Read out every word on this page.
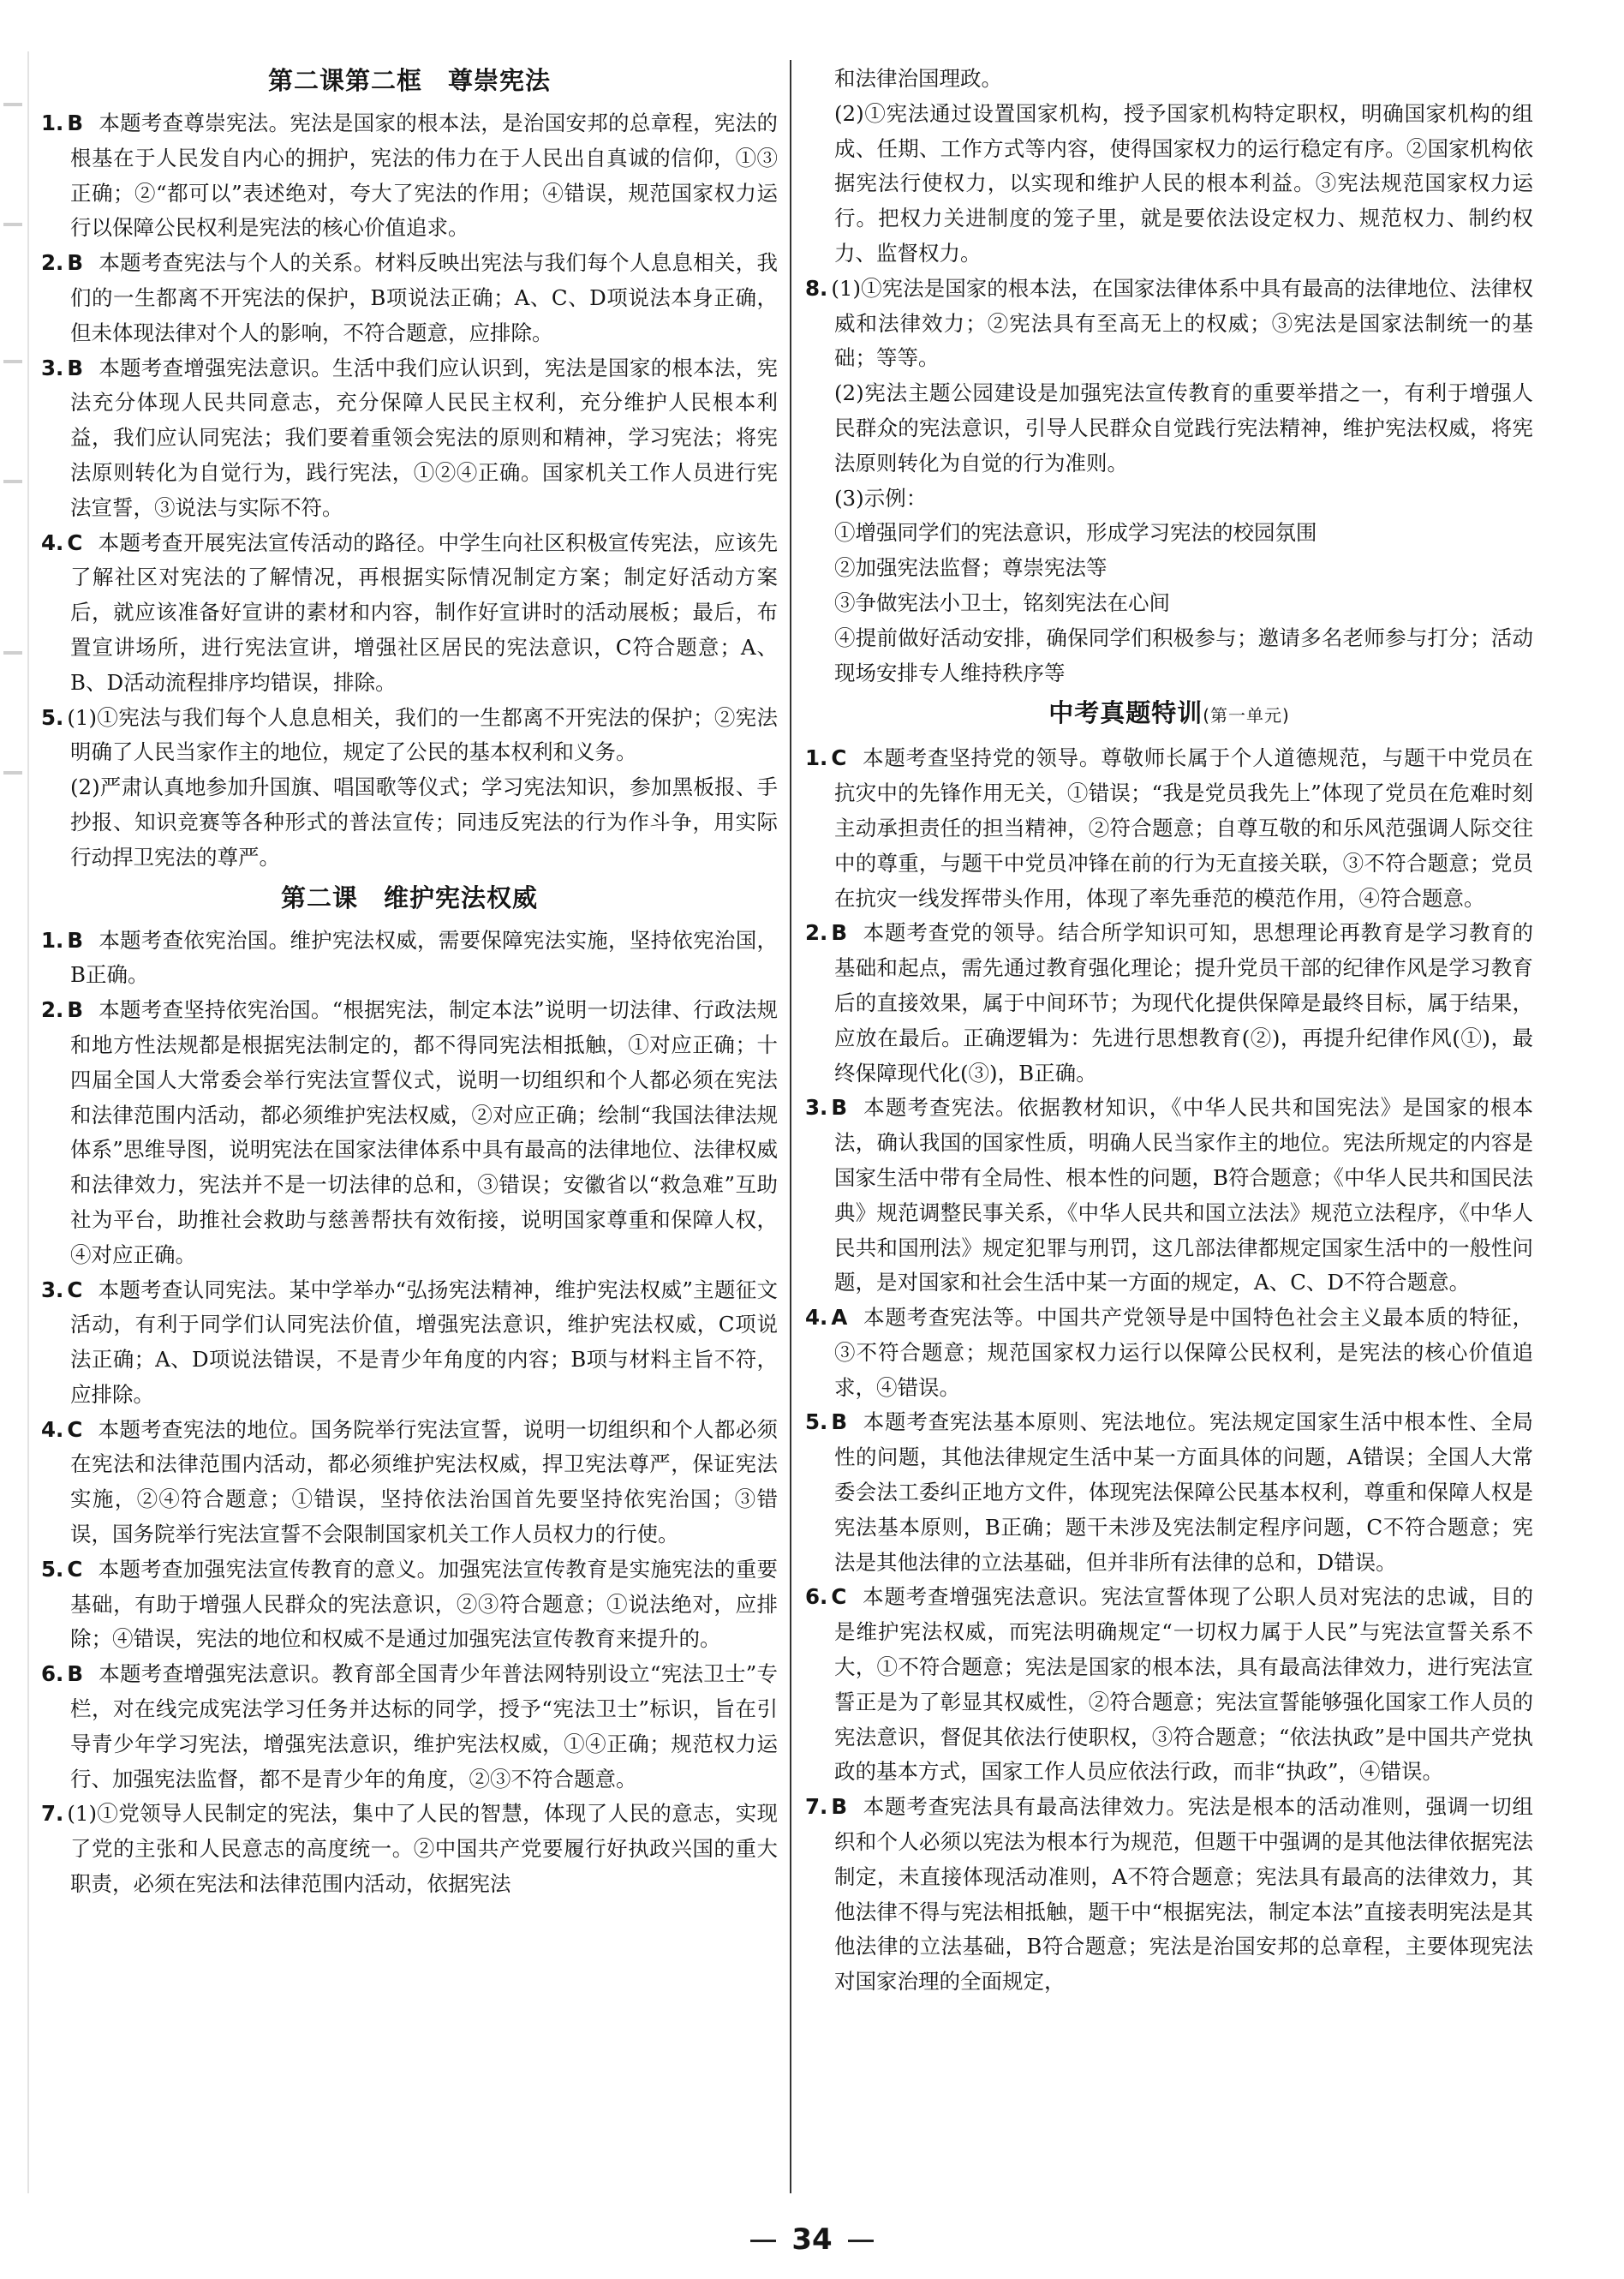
第二课第二框　尊崇宪法

1. B 本题考查尊崇宪法。宪法是国家的根本法，是治国安邦的总章程，宪法的根基在于人民发自内心的拥护，宪法的伟力在于人民出自真诚的信仰，①③正确；②“都可以”表述绝对，夸大了宪法的作用；④错误，规范国家权力运行以保障公民权利是宪法的核心价值追求。

2. B 本题考查宪法与个人的关系。材料反映出宪法与我们每个人息息相关，我们的一生都离不开宪法的保护，B项说法正确；A、C、D项说法本身正确，但未体现法律对个人的影响，不符合题意，应排除。

3. B 本题考查增强宪法意识。生活中我们应认识到，宪法是国家的根本法，宪法充分体现人民共同意志，充分保障人民民主权利，充分维护人民根本利益，我们应认同宪法；我们要着重领会宪法的原则和精神，学习宪法；将宪法原则转化为自觉行为，践行宪法，①②④正确。国家机关工作人员进行宪法宣誓，③说法与实际不符。

4. C 本题考查开展宪法宣传活动的路径。中学生向社区积极宣传宪法，应该先了解社区对宪法的了解情况，再根据实际情况制定方案；制定好活动方案后，就应该准备好宣讲的素材和内容，制作好宣讲时的活动展板；最后，布置宣讲场所，进行宪法宣讲，增强社区居民的宪法意识，C符合题意；A、B、D活动流程排序均错误，排除。

5. (1)①宪法与我们每个人息息相关，我们的一生都离不开宪法的保护；②宪法明确了人民当家作主的地位，规定了公民的基本权利和义务。

(2)严肃认真地参加升国旗、唱国歌等仪式；学习宪法知识，参加黑板报、手抄报、知识竞赛等各种形式的普法宣传；同违反宪法的行为作斗争，用实际行动捍卫宪法的尊严。

第二课　维护宪法权威

1. B 本题考查依宪治国。维护宪法权威，需要保障宪法实施，坚持依宪治国，B正确。

2. B 本题考查坚持依宪治国。“根据宪法，制定本法”说明一切法律、行政法规和地方性法规都是根据宪法制定的，都不得同宪法相抵触，①对应正确；十四届全国人大常委会举行宪法宣誓仪式，说明一切组织和个人都必须在宪法和法律范围内活动，都必须维护宪法权威，②对应正确；绘制“我国法律法规体系”思维导图，说明宪法在国家法律体系中具有最高的法律地位、法律权威和法律效力，宪法并不是一切法律的总和，③错误；安徽省以“救急难”互助社为平台，助推社会救助与慈善帮扶有效衔接，说明国家尊重和保障人权，④对应正确。

3. C 本题考查认同宪法。某中学举办“弘扬宪法精神，维护宪法权威”主题征文活动，有利于同学们认同宪法价值，增强宪法意识，维护宪法权威，C项说法正确；A、D项说法错误，不是青少年角度的内容；B项与材料主旨不符，应排除。

4. C 本题考查宪法的地位。国务院举行宪法宣誓，说明一切组织和个人都必须在宪法和法律范围内活动，都必须维护宪法权威，捍卫宪法尊严，保证宪法实施，②④符合题意；①错误，坚持依法治国首先要坚持依宪治国；③错误，国务院举行宪法宣誓不会限制国家机关工作人员权力的行使。

5. C 本题考查加强宪法宣传教育的意义。加强宪法宣传教育是实施宪法的重要基础，有助于增强人民群众的宪法意识，②③符合题意；①说法绝对，应排除；④错误，宪法的地位和权威不是通过加强宪法宣传教育来提升的。

6. B 本题考查增强宪法意识。教育部全国青少年普法网特别设立“宪法卫士”专栏，对在线完成宪法学习任务并达标的同学，授予“宪法卫士”标识，旨在引导青少年学习宪法，增强宪法意识，维护宪法权威，①④正确；规范权力运行、加强宪法监督，都不是青少年的角度，②③不符合题意。

7. (1)①党领导人民制定的宪法，集中了人民的智慧，体现了人民的意志，实现了党的主张和人民意志的高度统一。②中国共产党要履行好执政兴国的重大职责，必须在宪法和法律范围内活动，依据宪法

和法律治国理政。

(2)①宪法通过设置国家机构，授予国家机构特定职权，明确国家机构的组成、任期、工作方式等内容，使得国家权力的运行稳定有序。②国家机构依据宪法行使权力，以实现和维护人民的根本利益。③宪法规范国家权力运行。把权力关进制度的笼子里，就是要依法设定权力、规范权力、制约权力、监督权力。

8. (1)①宪法是国家的根本法，在国家法律体系中具有最高的法律地位、法律权威和法律效力；②宪法具有至高无上的权威；③宪法是国家法制统一的基础；等等。

(2)宪法主题公园建设是加强宪法宣传教育的重要举措之一，有利于增强人民群众的宪法意识，引导人民群众自觉践行宪法精神，维护宪法权威，将宪法原则转化为自觉的行为准则。

(3)示例：

①增强同学们的宪法意识，形成学习宪法的校园氛围

②加强宪法监督；尊崇宪法等

③争做宪法小卫士，铭刻宪法在心间

④提前做好活动安排，确保同学们积极参与；邀请多名老师参与打分；活动现场安排专人维持秩序等

中考真题特训(第一单元)

1. C 本题考查坚持党的领导。尊敬师长属于个人道德规范，与题干中党员在抗灾中的先锋作用无关，①错误；“我是党员我先上”体现了党员在危难时刻主动承担责任的担当精神，②符合题意；自尊互敬的和乐风范强调人际交往中的尊重，与题干中党员冲锋在前的行为无直接关联，③不符合题意；党员在抗灾一线发挥带头作用，体现了率先垂范的模范作用，④符合题意。

2. B 本题考查党的领导。结合所学知识可知，思想理论再教育是学习教育的基础和起点，需先通过教育强化理论；提升党员干部的纪律作风是学习教育后的直接效果，属于中间环节；为现代化提供保障是最终目标，属于结果，应放在最后。正确逻辑为：先进行思想教育(②)，再提升纪律作风(①)，最终保障现代化(③)，B正确。

3. B 本题考查宪法。依据教材知识，《中华人民共和国宪法》是国家的根本法，确认我国的国家性质，明确人民当家作主的地位。宪法所规定的内容是国家生活中带有全局性、根本性的问题，B符合题意；《中华人民共和国民法典》规范调整民事关系，《中华人民共和国立法法》规范立法程序，《中华人民共和国刑法》规定犯罪与刑罚，这几部法律都规定国家生活中的一般性问题，是对国家和社会生活中某一方面的规定，A、C、D不符合题意。

4. A 本题考查宪法等。中国共产党领导是中国特色社会主义最本质的特征，③不符合题意；规范国家权力运行以保障公民权利，是宪法的核心价值追求，④错误。

5. B 本题考查宪法基本原则、宪法地位。宪法规定国家生活中根本性、全局性的问题，其他法律规定生活中某一方面具体的问题，A错误；全国人大常委会法工委纠正地方文件，体现宪法保障公民基本权利，尊重和保障人权是宪法基本原则，B正确；题干未涉及宪法制定程序问题，C不符合题意；宪法是其他法律的立法基础，但并非所有法律的总和，D错误。

6. C 本题考查增强宪法意识。宪法宣誓体现了公职人员对宪法的忠诚，目的是维护宪法权威，而宪法明确规定“一切权力属于人民”与宪法宣誓关系不大，①不符合题意；宪法是国家的根本法，具有最高法律效力，进行宪法宣誓正是为了彰显其权威性，②符合题意；宪法宣誓能够强化国家工作人员的宪法意识，督促其依法行使职权，③符合题意；“依法执政”是中国共产党执政的基本方式，国家工作人员应依法行政，而非“执政”，④错误。

7. B 本题考查宪法具有最高法律效力。宪法是根本的活动准则，强调一切组织和个人必须以宪法为根本行为规范，但题干中强调的是其他法律依据宪法制定，未直接体现活动准则，A不符合题意；宪法具有最高的法律效力，其他法律不得与宪法相抵触，题干中“根据宪法，制定本法”直接表明宪法是其他法律的立法基础，B符合题意；宪法是治国安邦的总章程，主要体现宪法对国家治理的全面规定，

34
